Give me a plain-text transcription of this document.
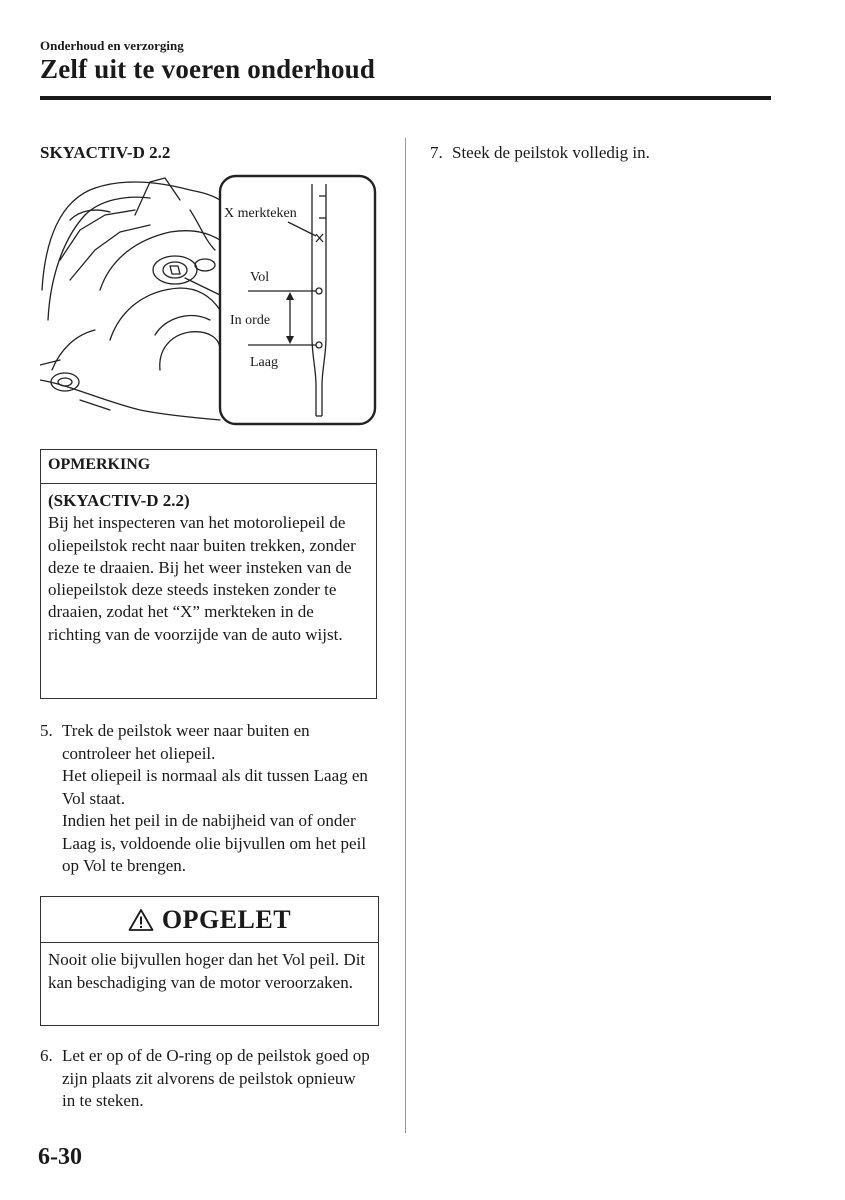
Onderhoud en verzorging
Zelf uit te voeren onderhoud
SKYACTIV-D 2.2
X merkteken
Vol
In orde
Laag
OPMERKING
(SKYACTIV-D 2.2)
Bij het inspecteren van het motoroliepeil de oliepeilstok recht naar buiten trekken, zonder deze te draaien. Bij het weer insteken van de oliepeilstok deze steeds insteken zonder te draaien, zodat het “X” merkteken in de richting van de voorzijde van de auto wijst.
5. Trek de peilstok weer naar buiten en controleer het oliepeil.

Het oliepeil is normaal als dit tussen Laag en Vol staat.

Indien het peil in de nabijheid van of onder Laag is, voldoende olie bijvullen om het peil op Vol te brengen.

OPGELET
Nooit olie bijvullen hoger dan het Vol peil. Dit kan beschadiging van de motor veroorzaken.
6. Let er op of de O-ring op de peilstok goed op zijn plaats zit alvorens de peilstok opnieuw in te steken.

7. Steek de peilstok volledig in.

6-30
